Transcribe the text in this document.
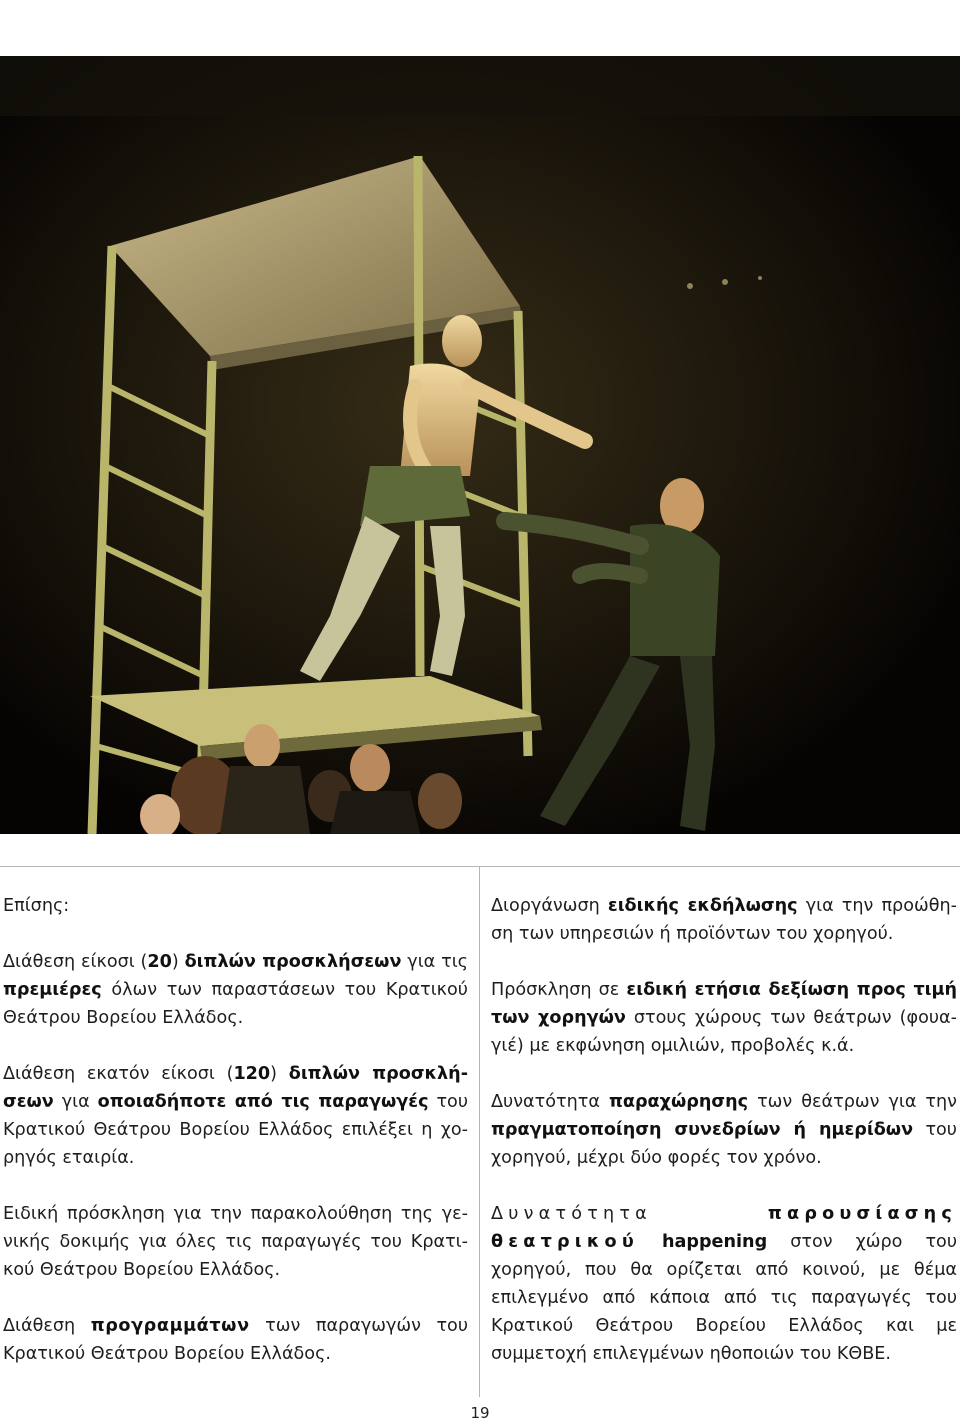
Επίσης:

Διάθεση είκοσι (20) διπλών προσκλήσεων για τις πρεμιέρες όλων των παραστάσεων του Κρατικού Θεάτρου Βορείου Ελλάδος.

Διάθεση εκατόν είκοσι (120) διπλών προσκλήσεων για οποιαδήποτε από τις παραγωγές του Κρατικού Θεάτρου Βορείου Ελλάδος επιλέξει η χορηγός εταιρία.

Ειδική πρόσκληση για την παρακολούθηση της γενικής δοκιμής για όλες τις παραγωγές του Κρατικού Θεάτρου Βορείου Ελλάδος.

Διάθεση προγραμμάτων των παραγωγών του Κρατικού Θεάτρου Βορείου Ελλάδος.

Διοργάνωση ειδικής εκδήλωσης για την προώθηση των υπηρεσιών ή προϊόντων του χορηγού.

Πρόσκληση σε ειδική ετήσια δεξίωση προς τιμή των χορηγών στους χώρους των θεάτρων (φουαγιέ) με εκφώνηση ομιλιών, προβολές κ.ά.

Δυνατότητα παραχώρησης των θεάτρων για την πραγματοποίηση συνεδρίων ή ημερίδων του χορηγού, μέχρι δύο φορές τον χρόνο.

Δυνατότητα παρουσίασης θεατρικού happening στον χώρο του χορηγού, που θα ορίζεται από κοινού, με θέμα επιλεγμένο από κάποια από τις παραγωγές του Κρατικού Θεάτρου Βορείου Ελλάδος και με συμμετοχή επιλεγμένων ηθοποιών του ΚΘΒΕ.

19
